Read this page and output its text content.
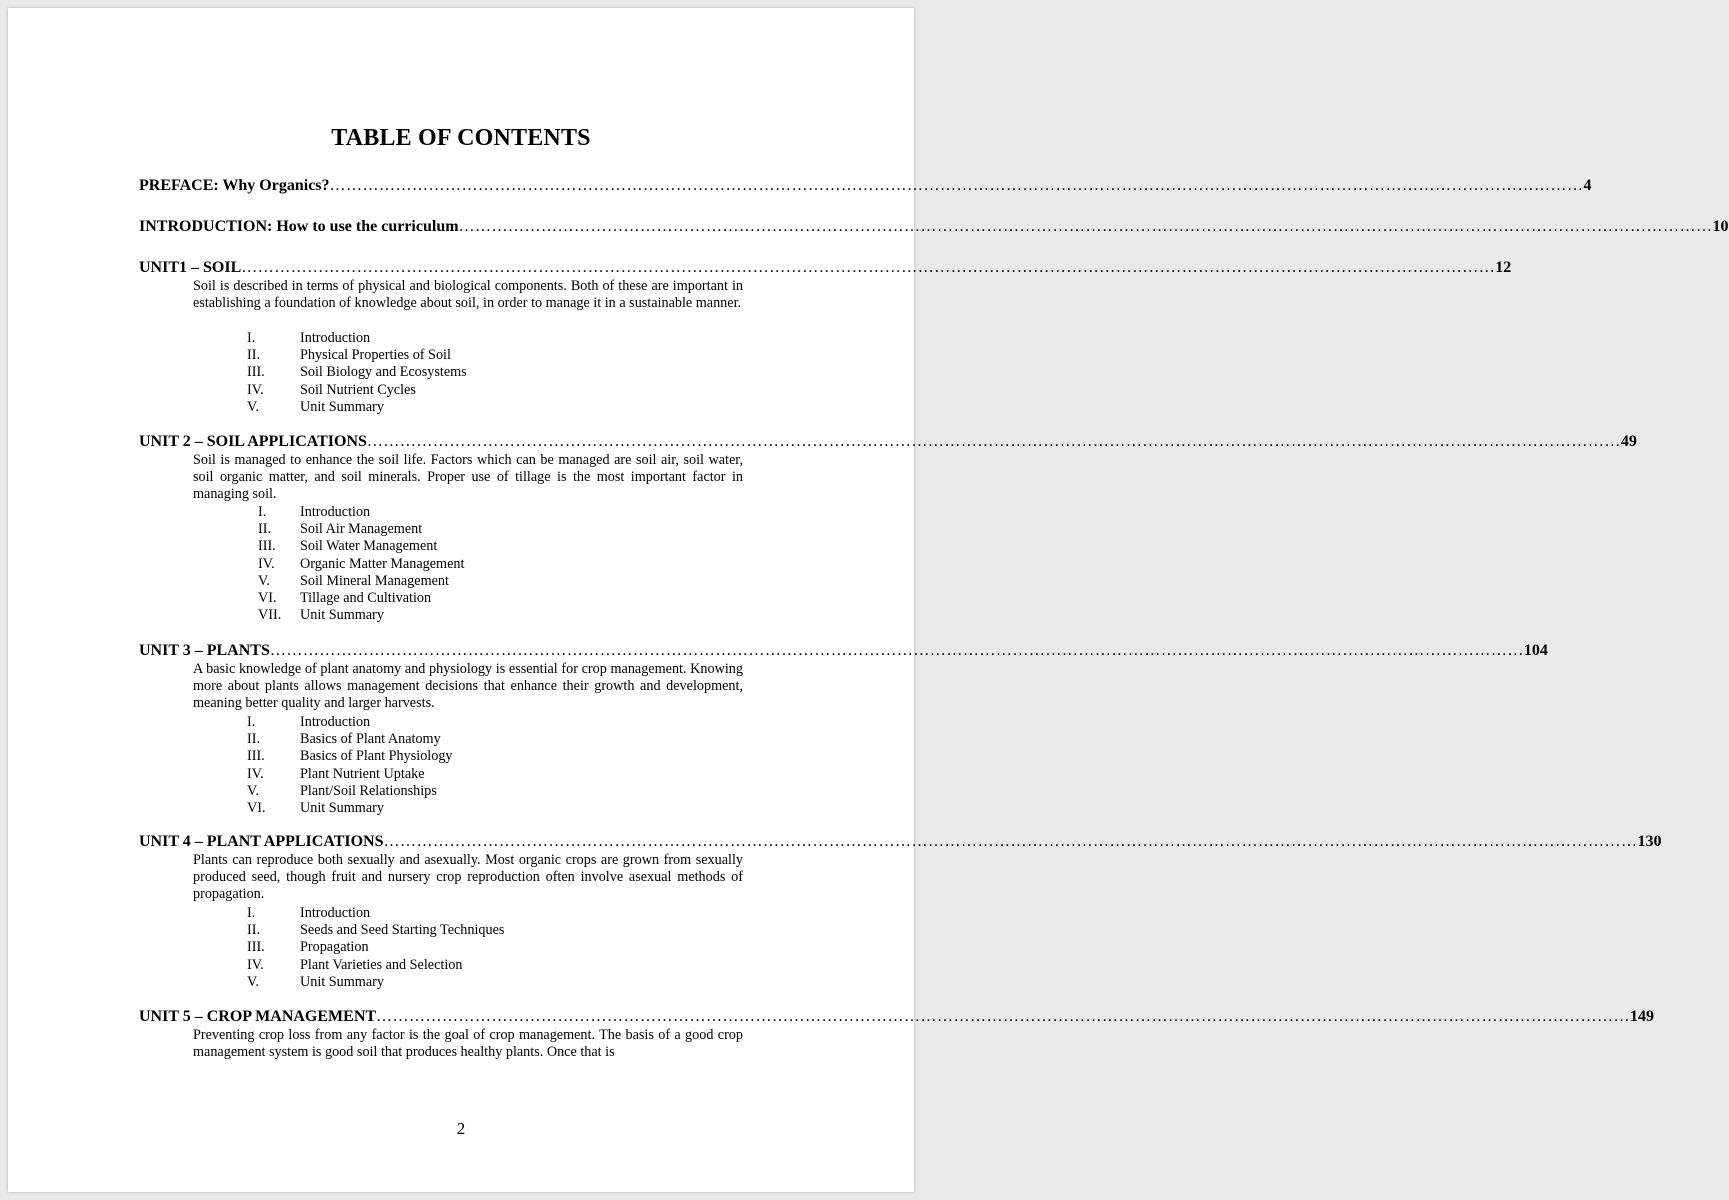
TABLE OF CONTENTS
PREFACE: Why Organics? ………………………………………………………………………………………………………………………………………………………………………………………………………… 4
INTRODUCTION: How to use the curriculum ………………………………………………………………………………………………………………………………………………………………………………………………………… 10
UNIT1 – SOIL ………………………………………………………………………………………………………………………………………………………………………………………………………… 12
Soil is described in terms of physical and biological components. Both of these are important in establishing a foundation of knowledge about soil, in order to manage it in a sustainable manner.
I.	Introduction
II.	Physical Properties of Soil
III.	Soil Biology and Ecosystems
IV.	Soil Nutrient Cycles
V.	Unit Summary
UNIT 2 – SOIL APPLICATIONS ………………………………………………………………………………………………………………………………………………………………………………………………………… 49
Soil is managed to enhance the soil life. Factors which can be managed are soil air, soil water, soil organic matter, and soil minerals. Proper use of tillage is the most important factor in managing soil.
I.	Introduction
II.	Soil Air Management
III.	Soil Water Management
IV.	Organic Matter Management
V.	Soil Mineral Management
VI.	Tillage and Cultivation
VII.	Unit Summary
UNIT 3 – PLANTS ………………………………………………………………………………………………………………………………………………………………………………………………………… 104
A basic knowledge of plant anatomy and physiology is essential for crop management. Knowing more about plants allows management decisions that enhance their growth and development, meaning better quality and larger harvests.
I.	Introduction
II.	Basics of Plant Anatomy
III.	Basics of Plant Physiology
IV.	Plant Nutrient Uptake
V.	Plant/Soil Relationships
VI.	Unit Summary
UNIT 4 – PLANT APPLICATIONS ………………………………………………………………………………………………………………………………………………………………………………………………………… 130
Plants can reproduce both sexually and asexually. Most organic crops are grown from sexually produced seed, though fruit and nursery crop reproduction often involve asexual methods of propagation.
I.	Introduction
II.	Seeds and Seed Starting Techniques
III.	Propagation
IV.	Plant Varieties and Selection
V.	Unit Summary
UNIT 5 – CROP MANAGEMENT ………………………………………………………………………………………………………………………………………………………………………………………………………… 149
Preventing crop loss from any factor is the goal of crop management. The basis of a good crop management system is good soil that produces healthy plants. Once that is
2
